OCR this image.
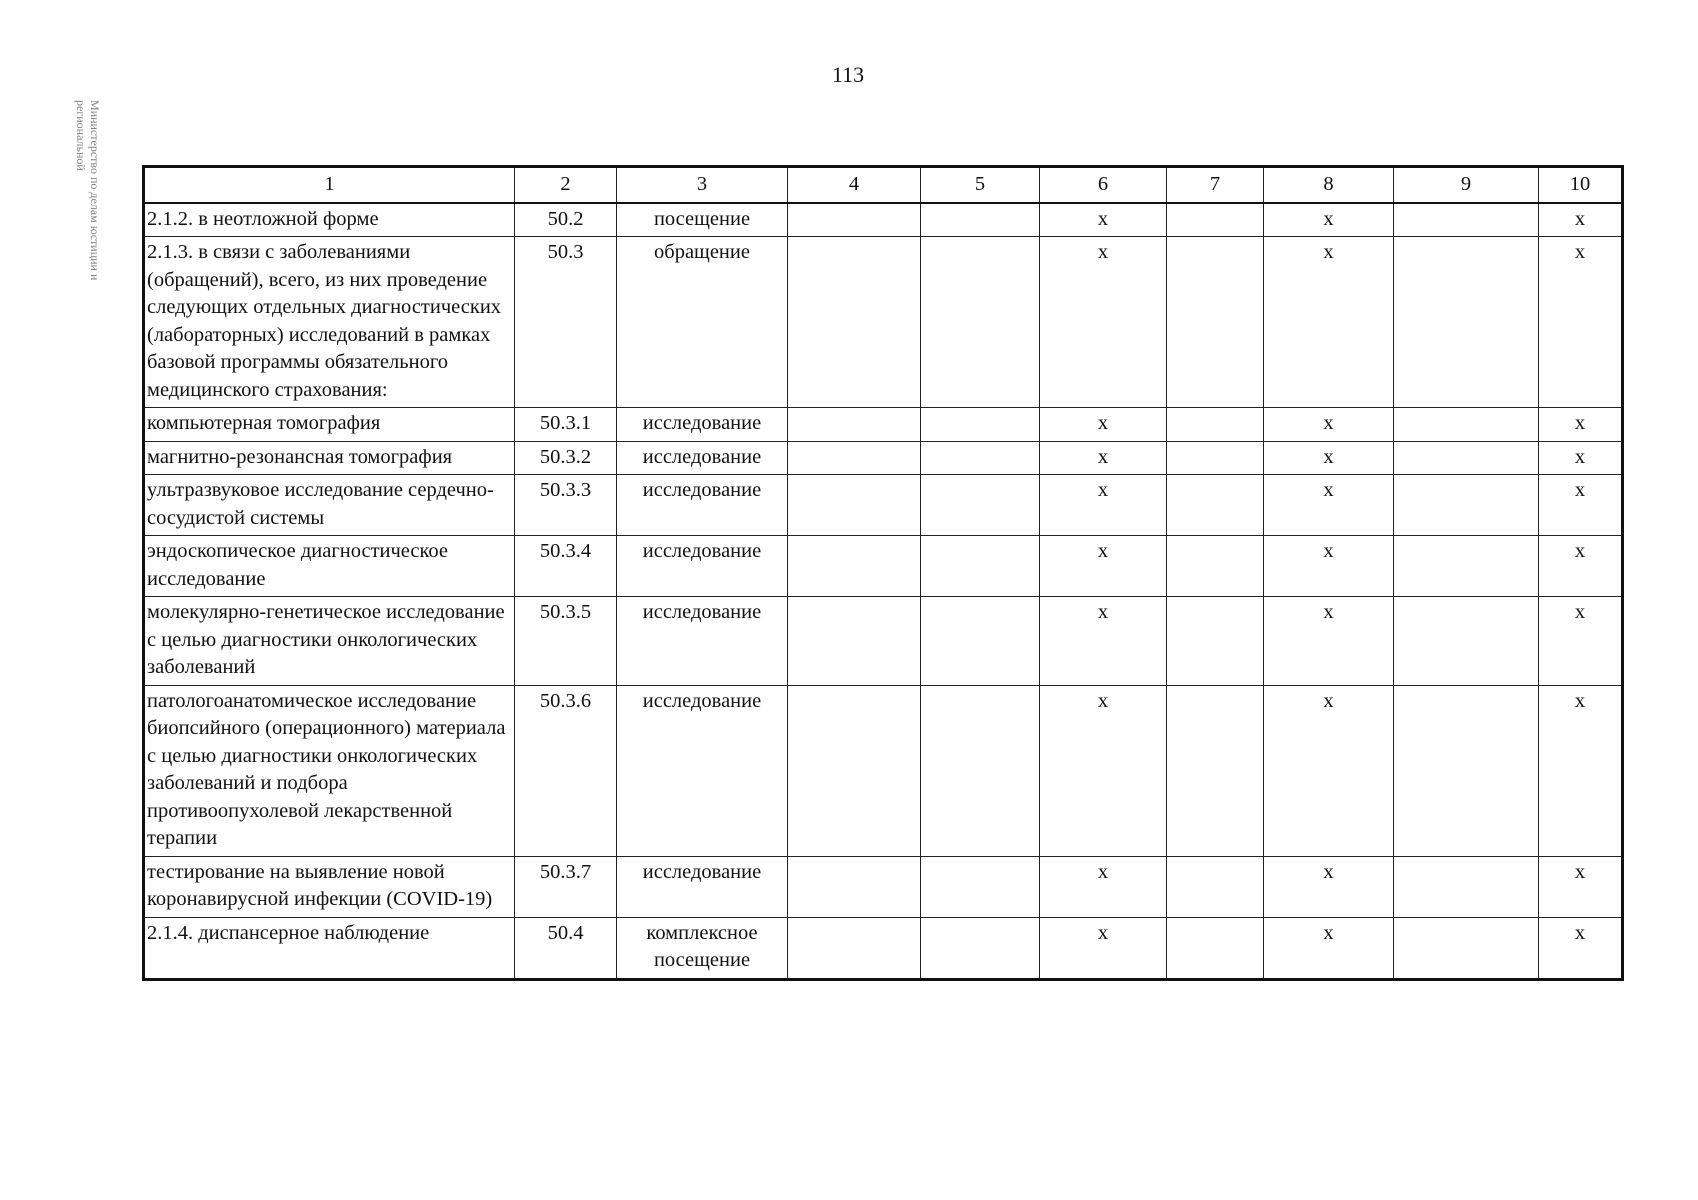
113
Министерство по делам юстиции и региональной
1	2	3	4	5	6	7	8	9	10
2.1.2. в неотложной форме	50.2	посещение			х		х		х
2.1.3. в связи с заболеваниями (обращений), всего, из них проведение следующих отдельных диагностических (лабораторных) исследований в рамках базовой программы обязательного медицинского страхования:	50.3	обращение			х		х		х
компьютерная томография	50.3.1	исследование			х		х		х
магнитно-резонансная томография	50.3.2	исследование			х		х		х
ультразвуковое исследование сердечно-сосудистой системы	50.3.3	исследование			х		х		х
эндоскопическое диагностическое исследование	50.3.4	исследование			х		х		х
молекулярно-генетическое исследование с целью диагностики онкологических заболеваний	50.3.5	исследование			х		х		х
патологоанатомическое исследование биопсийного (операционного) материала с целью диагностики онкологических заболеваний и подбора противоопухолевой лекарственной терапии	50.3.6	исследование			х		х		х
тестирование на выявление новой коронавирусной инфекции (COVID-19)	50.3.7	исследование			х		х		х
2.1.4. диспансерное наблюдение	50.4	комплексное посещение			х		х		х
